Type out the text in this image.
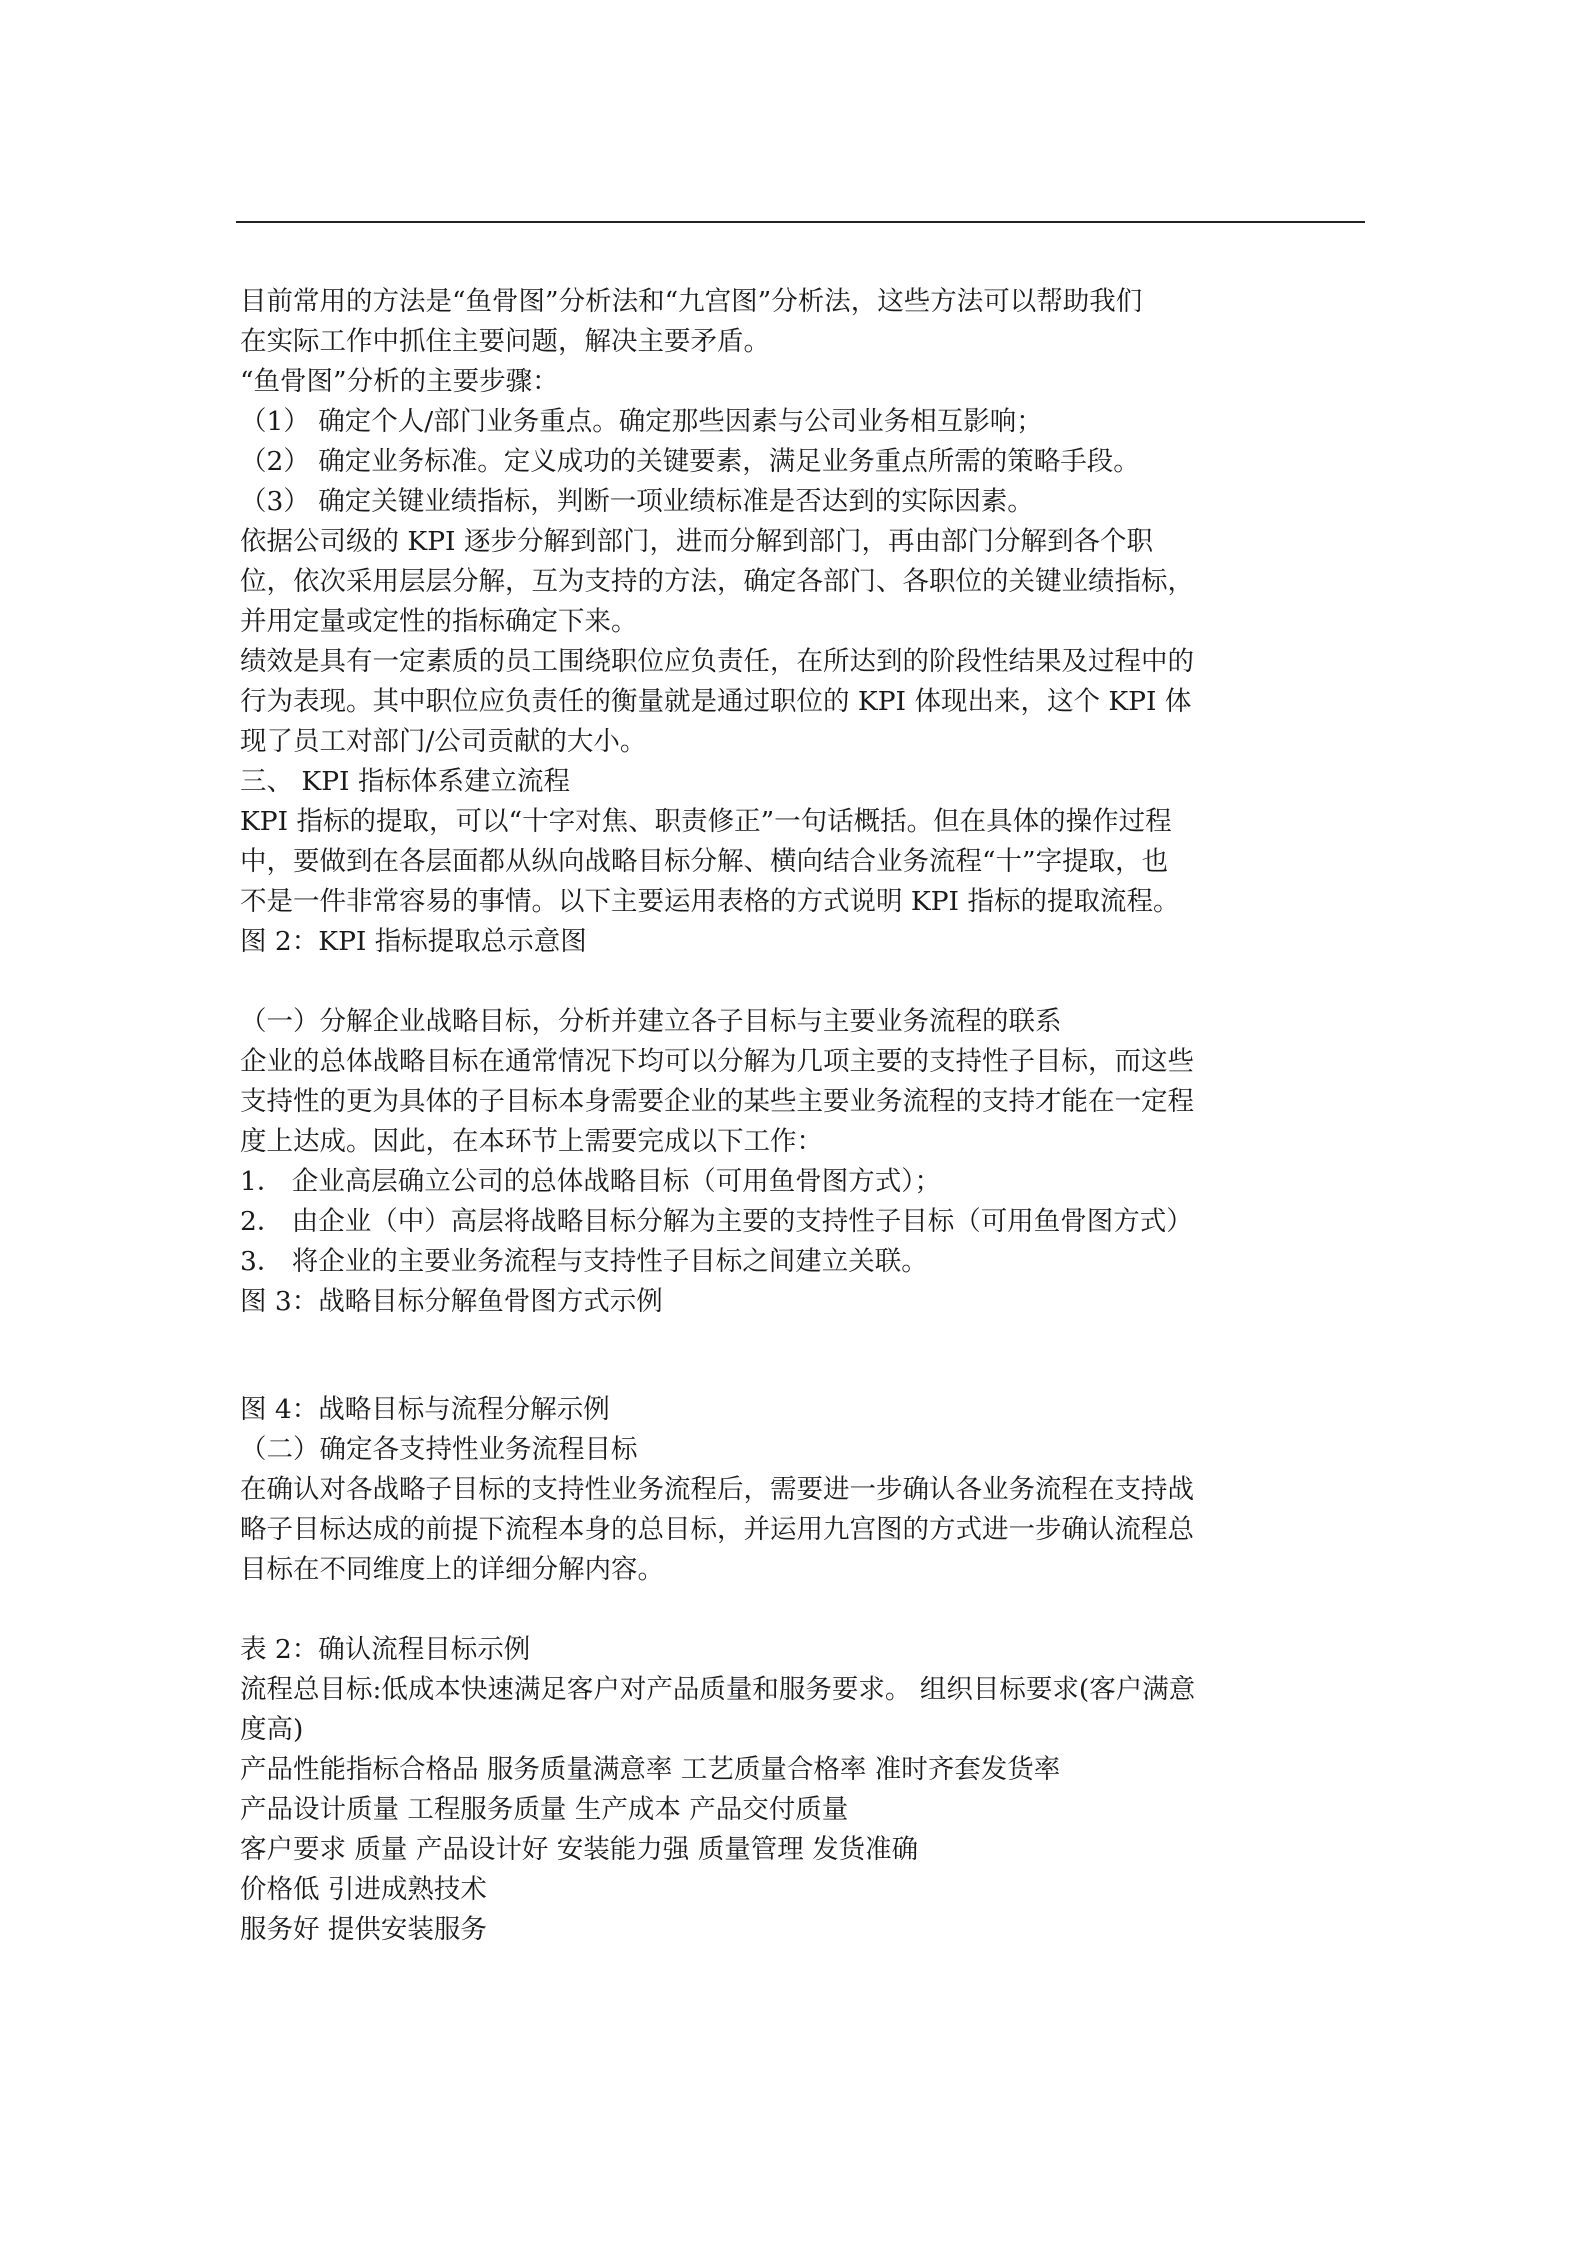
目前常用的方法是“鱼骨图”分析法和“九宫图”分析法，这些方法可以帮助我们

在实际工作中抓住主要问题，解决主要矛盾。

“鱼骨图”分析的主要步骤：

（1） 确定个人/部门业务重点。确定那些因素与公司业务相互影响；

（2） 确定业务标准。定义成功的关键要素，满足业务重点所需的策略手段。

（3） 确定关键业绩指标，判断一项业绩标准是否达到的实际因素。

依据公司级的 KPI 逐步分解到部门，进而分解到部门，再由部门分解到各个职

位，依次采用层层分解，互为支持的方法，确定各部门、各职位的关键业绩指标，

并用定量或定性的指标确定下来。

绩效是具有一定素质的员工围绕职位应负责任，在所达到的阶段性结果及过程中的

行为表现。其中职位应负责任的衡量就是通过职位的 KPI 体现出来，这个 KPI 体

现了员工对部门/公司贡献的大小。

三、 KPI 指标体系建立流程

KPI 指标的提取，可以“十字对焦、职责修正”一句话概括。但在具体的操作过程

中，要做到在各层面都从纵向战略目标分解、横向结合业务流程“十”字提取，也

不是一件非常容易的事情。以下主要运用表格的方式说明 KPI 指标的提取流程。

图 2：KPI 指标提取总示意图

（一）分解企业战略目标，分析并建立各子目标与主要业务流程的联系

企业的总体战略目标在通常情况下均可以分解为几项主要的支持性子目标，而这些

支持性的更为具体的子目标本身需要企业的某些主要业务流程的支持才能在一定程

度上达成。因此，在本环节上需要完成以下工作：

1． 企业高层确立公司的总体战略目标（可用鱼骨图方式）；

2． 由企业（中）高层将战略目标分解为主要的支持性子目标（可用鱼骨图方式）

3． 将企业的主要业务流程与支持性子目标之间建立关联。

图 3：战略目标分解鱼骨图方式示例

图 4：战略目标与流程分解示例

（二）确定各支持性业务流程目标

在确认对各战略子目标的支持性业务流程后，需要进一步确认各业务流程在支持战

略子目标达成的前提下流程本身的总目标，并运用九宫图的方式进一步确认流程总

目标在不同维度上的详细分解内容。

表 2：确认流程目标示例

流程总目标:低成本快速满足客户对产品质量和服务要求。 组织目标要求(客户满意

度高)

产品性能指标合格品 服务质量满意率 工艺质量合格率 准时齐套发货率

产品设计质量 工程服务质量 生产成本 产品交付质量

客户要求 质量 产品设计好 安装能力强 质量管理 发货准确

价格低 引进成熟技术

服务好 提供安装服务
